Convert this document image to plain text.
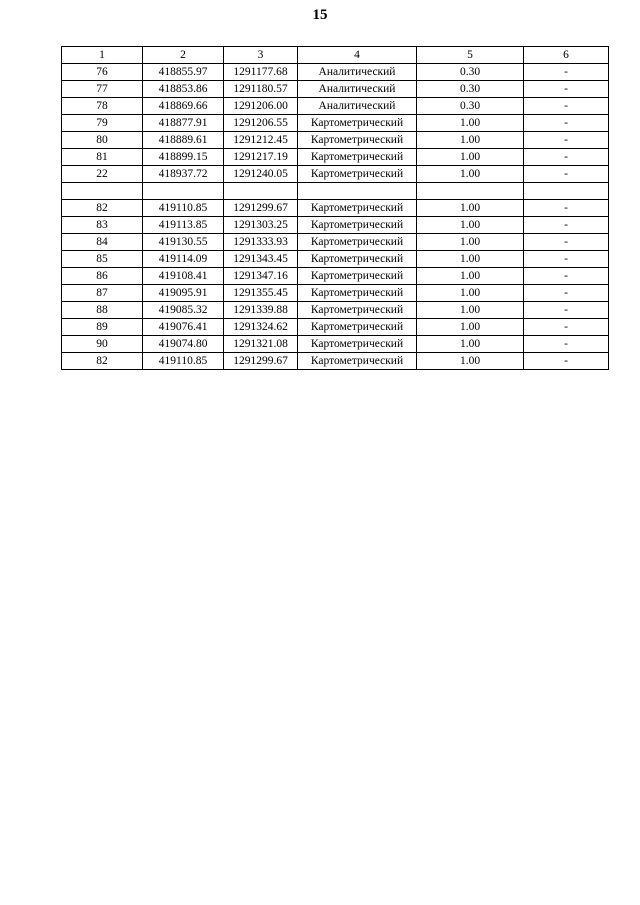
15
1	2	3	4	5	6
76	418855.97	1291177.68	Аналитический	0.30	-
77	418853.86	1291180.57	Аналитический	0.30	-
78	418869.66	1291206.00	Аналитический	0.30	-
79	418877.91	1291206.55	Картометрический	1.00	-
80	418889.61	1291212.45	Картометрический	1.00	-
81	418899.15	1291217.19	Картометрический	1.00	-
22	418937.72	1291240.05	Картометрический	1.00	-

82	419110.85	1291299.67	Картометрический	1.00	-
83	419113.85	1291303.25	Картометрический	1.00	-
84	419130.55	1291333.93	Картометрический	1.00	-
85	419114.09	1291343.45	Картометрический	1.00	-
86	419108.41	1291347.16	Картометрический	1.00	-
87	419095.91	1291355.45	Картометрический	1.00	-
88	419085.32	1291339.88	Картометрический	1.00	-
89	419076.41	1291324.62	Картометрический	1.00	-
90	419074.80	1291321.08	Картометрический	1.00	-
82	419110.85	1291299.67	Картометрический	1.00	-
